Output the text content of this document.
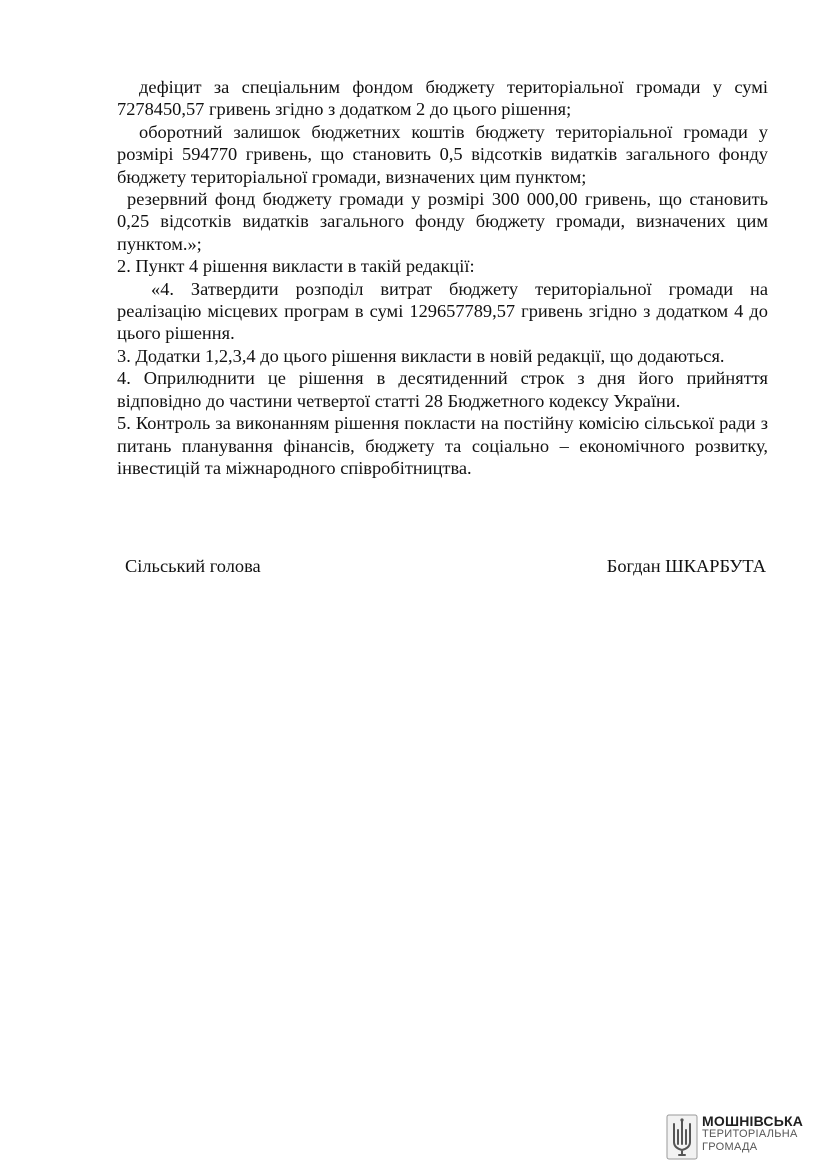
дефіцит за спеціальним фондом бюджету територіальної громади у сумі 7278450,57 гривень згідно з додатком 2 до цього рішення;

оборотний залишок бюджетних коштів бюджету територіальної громади у розмірі 594770 гривень, що становить 0,5 відсотків видатків загального фонду бюджету територіальної громади, визначених цим пунктом;

резервний фонд бюджету громади у розмірі 300 000,00 гривень, що становить 0,25 відсотків видатків загального фонду бюджету громади, визначених цим пунктом.»;

2. Пункт 4 рішення викласти в такій редакції:

«4. Затвердити розподіл витрат бюджету територіальної громади на реалізацію місцевих програм в сумі 129657789,57 гривень згідно з додатком 4 до цього рішення.

3. Додатки 1,2,3,4 до цього рішення викласти в новій редакції, що додаються.

4. Оприлюднити це рішення в десятиденний строк з дня його прийняття відповідно до частини четвертої статті 28 Бюджетного кодексу України.

5. Контроль за виконанням рішення покласти на постійну комісію сільської ради з питань планування фінансів, бюджету та соціально – економічного розвитку, інвестицій та міжнародного співробітництва.

Сільський голова	Богдан ШКАРБУТА
МОШНІВСЬКА
ТЕРИТОРІАЛЬНА
ГРОМАДА
